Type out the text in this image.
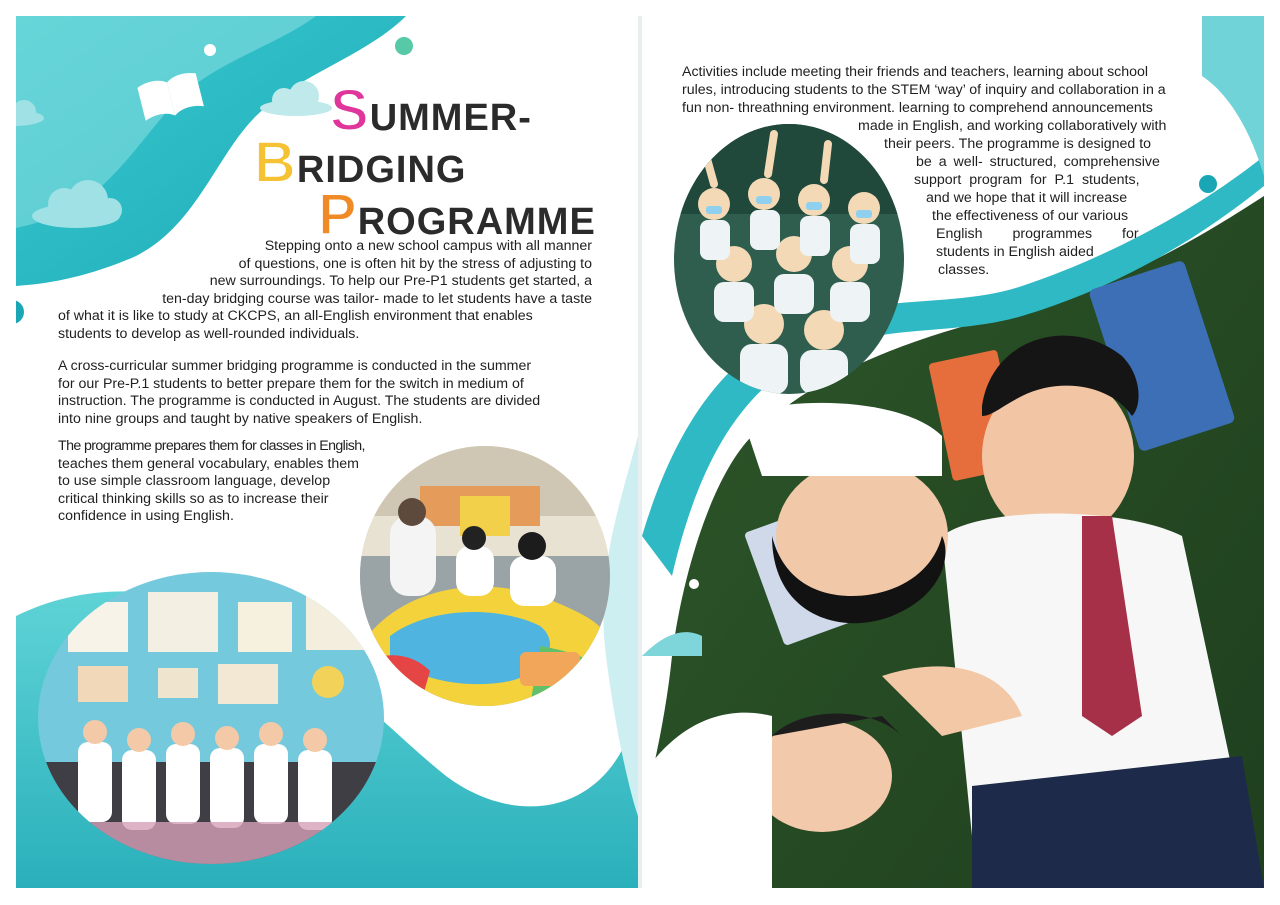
SUMMER-
BRIDGING
PROGRAMME

Stepping onto a new school campus with all manner

of questions, one is often hit by the stress of adjusting to

new surroundings. To help our Pre-P1 students get started, a

ten-day bridging course was tailor- made to let students have a taste

of what it is like to study at CKCPS, an all-English environment that enables

students to develop as well-rounded individuals.

A cross-curricular summer bridging programme is conducted in the summer

for our Pre-P.1 students to better prepare them for the switch in medium of

instruction. The programme is conducted in August. The students are divided

into nine groups and taught by native speakers of English.

The programme prepares them for classes in English,

teaches them general vocabulary, enables them

to use simple classroom language, develop

critical thinking skills so as to increase their

confidence in using English.

Activities include meeting their friends and teachers, learning about school
rules, introducing students to the STEM ‘way’ of inquiry and collaboration in a
fun non- threathning environment. learning to comprehend announcements
made in English, and working collaboratively with
their peers. The programme is designed to
be a well- structured, comprehensive
support program for P.1 students,
and we hope that it will increase
the effectiveness of our various
English programmes for
students in English aided
classes.
